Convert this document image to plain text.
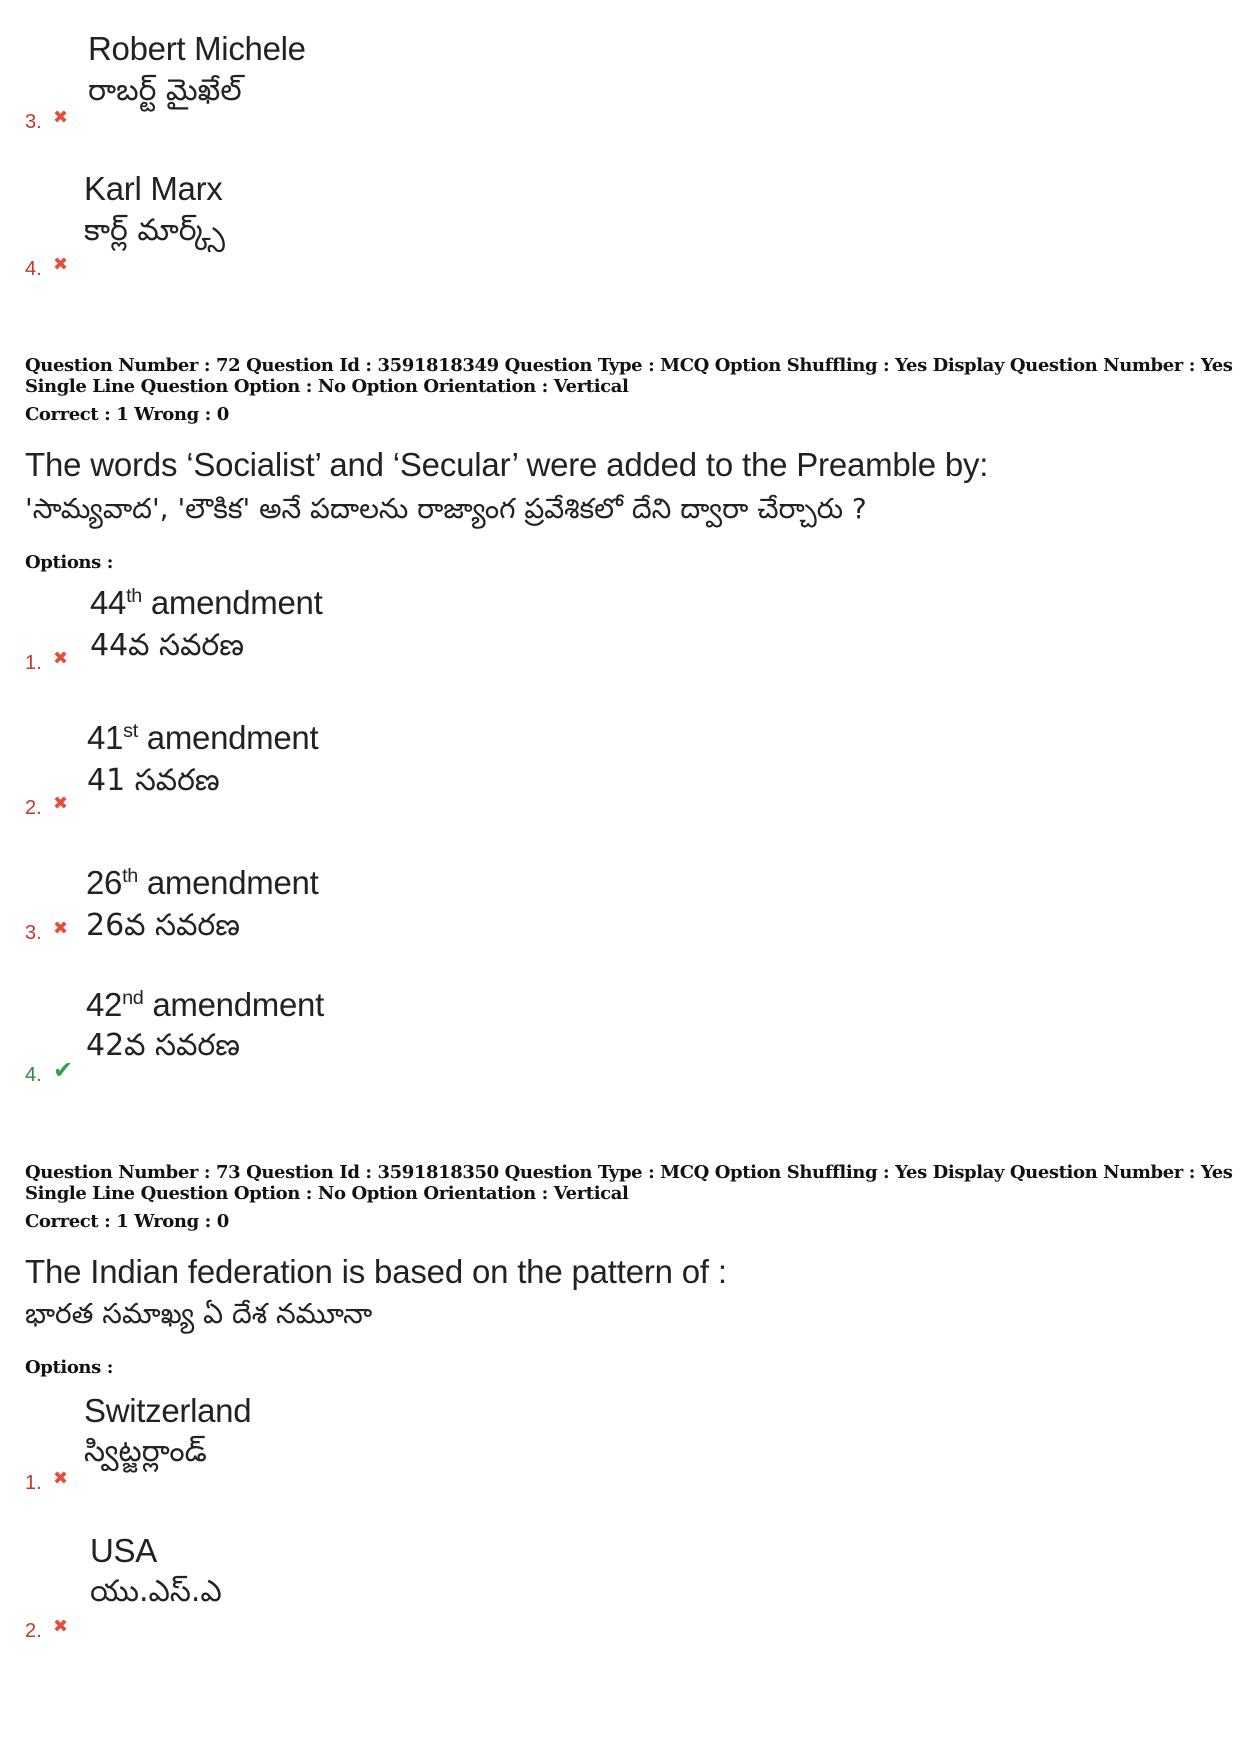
Robert Michele
రాబర్ట్ మైఖేల్
3. ✖
Karl Marx
కార్ల్ మార్క్స్
4. ✖
Question Number : 72 Question Id : 3591818349 Question Type : MCQ Option Shuffling : Yes Display Question Number : Yes
Single Line Question Option : No Option Orientation : Vertical
Correct : 1 Wrong : 0
The words ‘Socialist’ and ‘Secular’ were added to the Preamble by:
'సామ్యవాద', 'లౌకిక' అనే పదాలను రాజ్యాంగ ప్రవేశికలో దేని ద్వారా చేర్చారు ?
Options :
44th amendment
44వ సవరణ
1. ✖
41st amendment
41 సవరణ
2. ✖
26th amendment
26వ సవరణ
3. ✖
42nd amendment
42వ సవరణ
4. ✔
Question Number : 73 Question Id : 3591818350 Question Type : MCQ Option Shuffling : Yes Display Question Number : Yes
Single Line Question Option : No Option Orientation : Vertical
Correct : 1 Wrong : 0
The Indian federation is based on the pattern of :
భారత సమాఖ్య ఏ దేశ నమూనా
Options :
Switzerland
స్విట్జర్లాండ్
1. ✖
USA
యు.ఎస్.ఎ
2. ✖
